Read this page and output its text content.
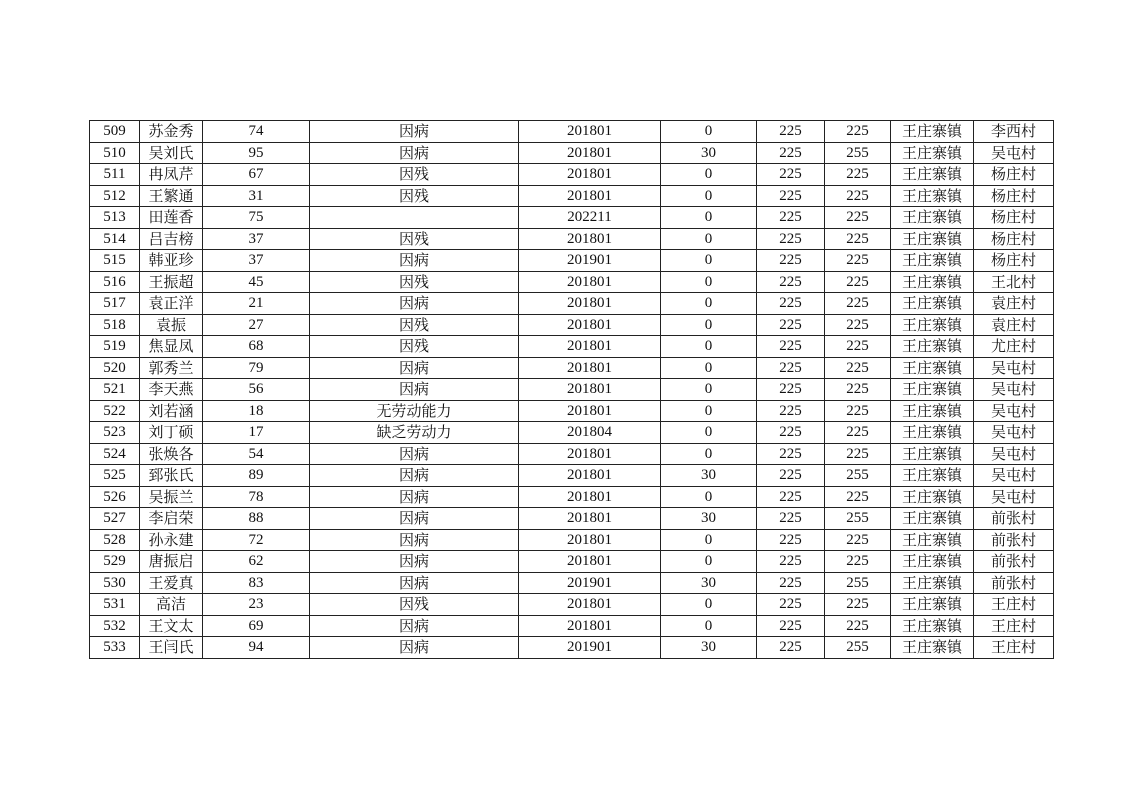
509	苏金秀	74	因病	201801	0	225	225	王庄寨镇	李西村
510	吴刘氏	95	因病	201801	30	225	255	王庄寨镇	吴屯村
511	冉凤芹	67	因残	201801	0	225	225	王庄寨镇	杨庄村
512	王繁通	31	因残	201801	0	225	225	王庄寨镇	杨庄村
513	田莲香	75		202211	0	225	225	王庄寨镇	杨庄村
514	吕吉榜	37	因残	201801	0	225	225	王庄寨镇	杨庄村
515	韩亚珍	37	因病	201901	0	225	225	王庄寨镇	杨庄村
516	王振超	45	因残	201801	0	225	225	王庄寨镇	王北村
517	袁正洋	21	因病	201801	0	225	225	王庄寨镇	袁庄村
518	袁振	27	因残	201801	0	225	225	王庄寨镇	袁庄村
519	焦显凤	68	因残	201801	0	225	225	王庄寨镇	尤庄村
520	郭秀兰	79	因病	201801	0	225	225	王庄寨镇	吴屯村
521	李天燕	56	因病	201801	0	225	225	王庄寨镇	吴屯村
522	刘若涵	18	无劳动能力	201801	0	225	225	王庄寨镇	吴屯村
523	刘丁硕	17	缺乏劳动力	201804	0	225	225	王庄寨镇	吴屯村
524	张焕各	54	因病	201801	0	225	225	王庄寨镇	吴屯村
525	郅张氏	89	因病	201801	30	225	255	王庄寨镇	吴屯村
526	吴振兰	78	因病	201801	0	225	225	王庄寨镇	吴屯村
527	李启荣	88	因病	201801	30	225	255	王庄寨镇	前张村
528	孙永建	72	因病	201801	0	225	225	王庄寨镇	前张村
529	唐振启	62	因病	201801	0	225	225	王庄寨镇	前张村
530	王爱真	83	因病	201901	30	225	255	王庄寨镇	前张村
531	高洁	23	因残	201801	0	225	225	王庄寨镇	王庄村
532	王文太	69	因病	201801	0	225	225	王庄寨镇	王庄村
533	王闫氏	94	因病	201901	30	225	255	王庄寨镇	王庄村
